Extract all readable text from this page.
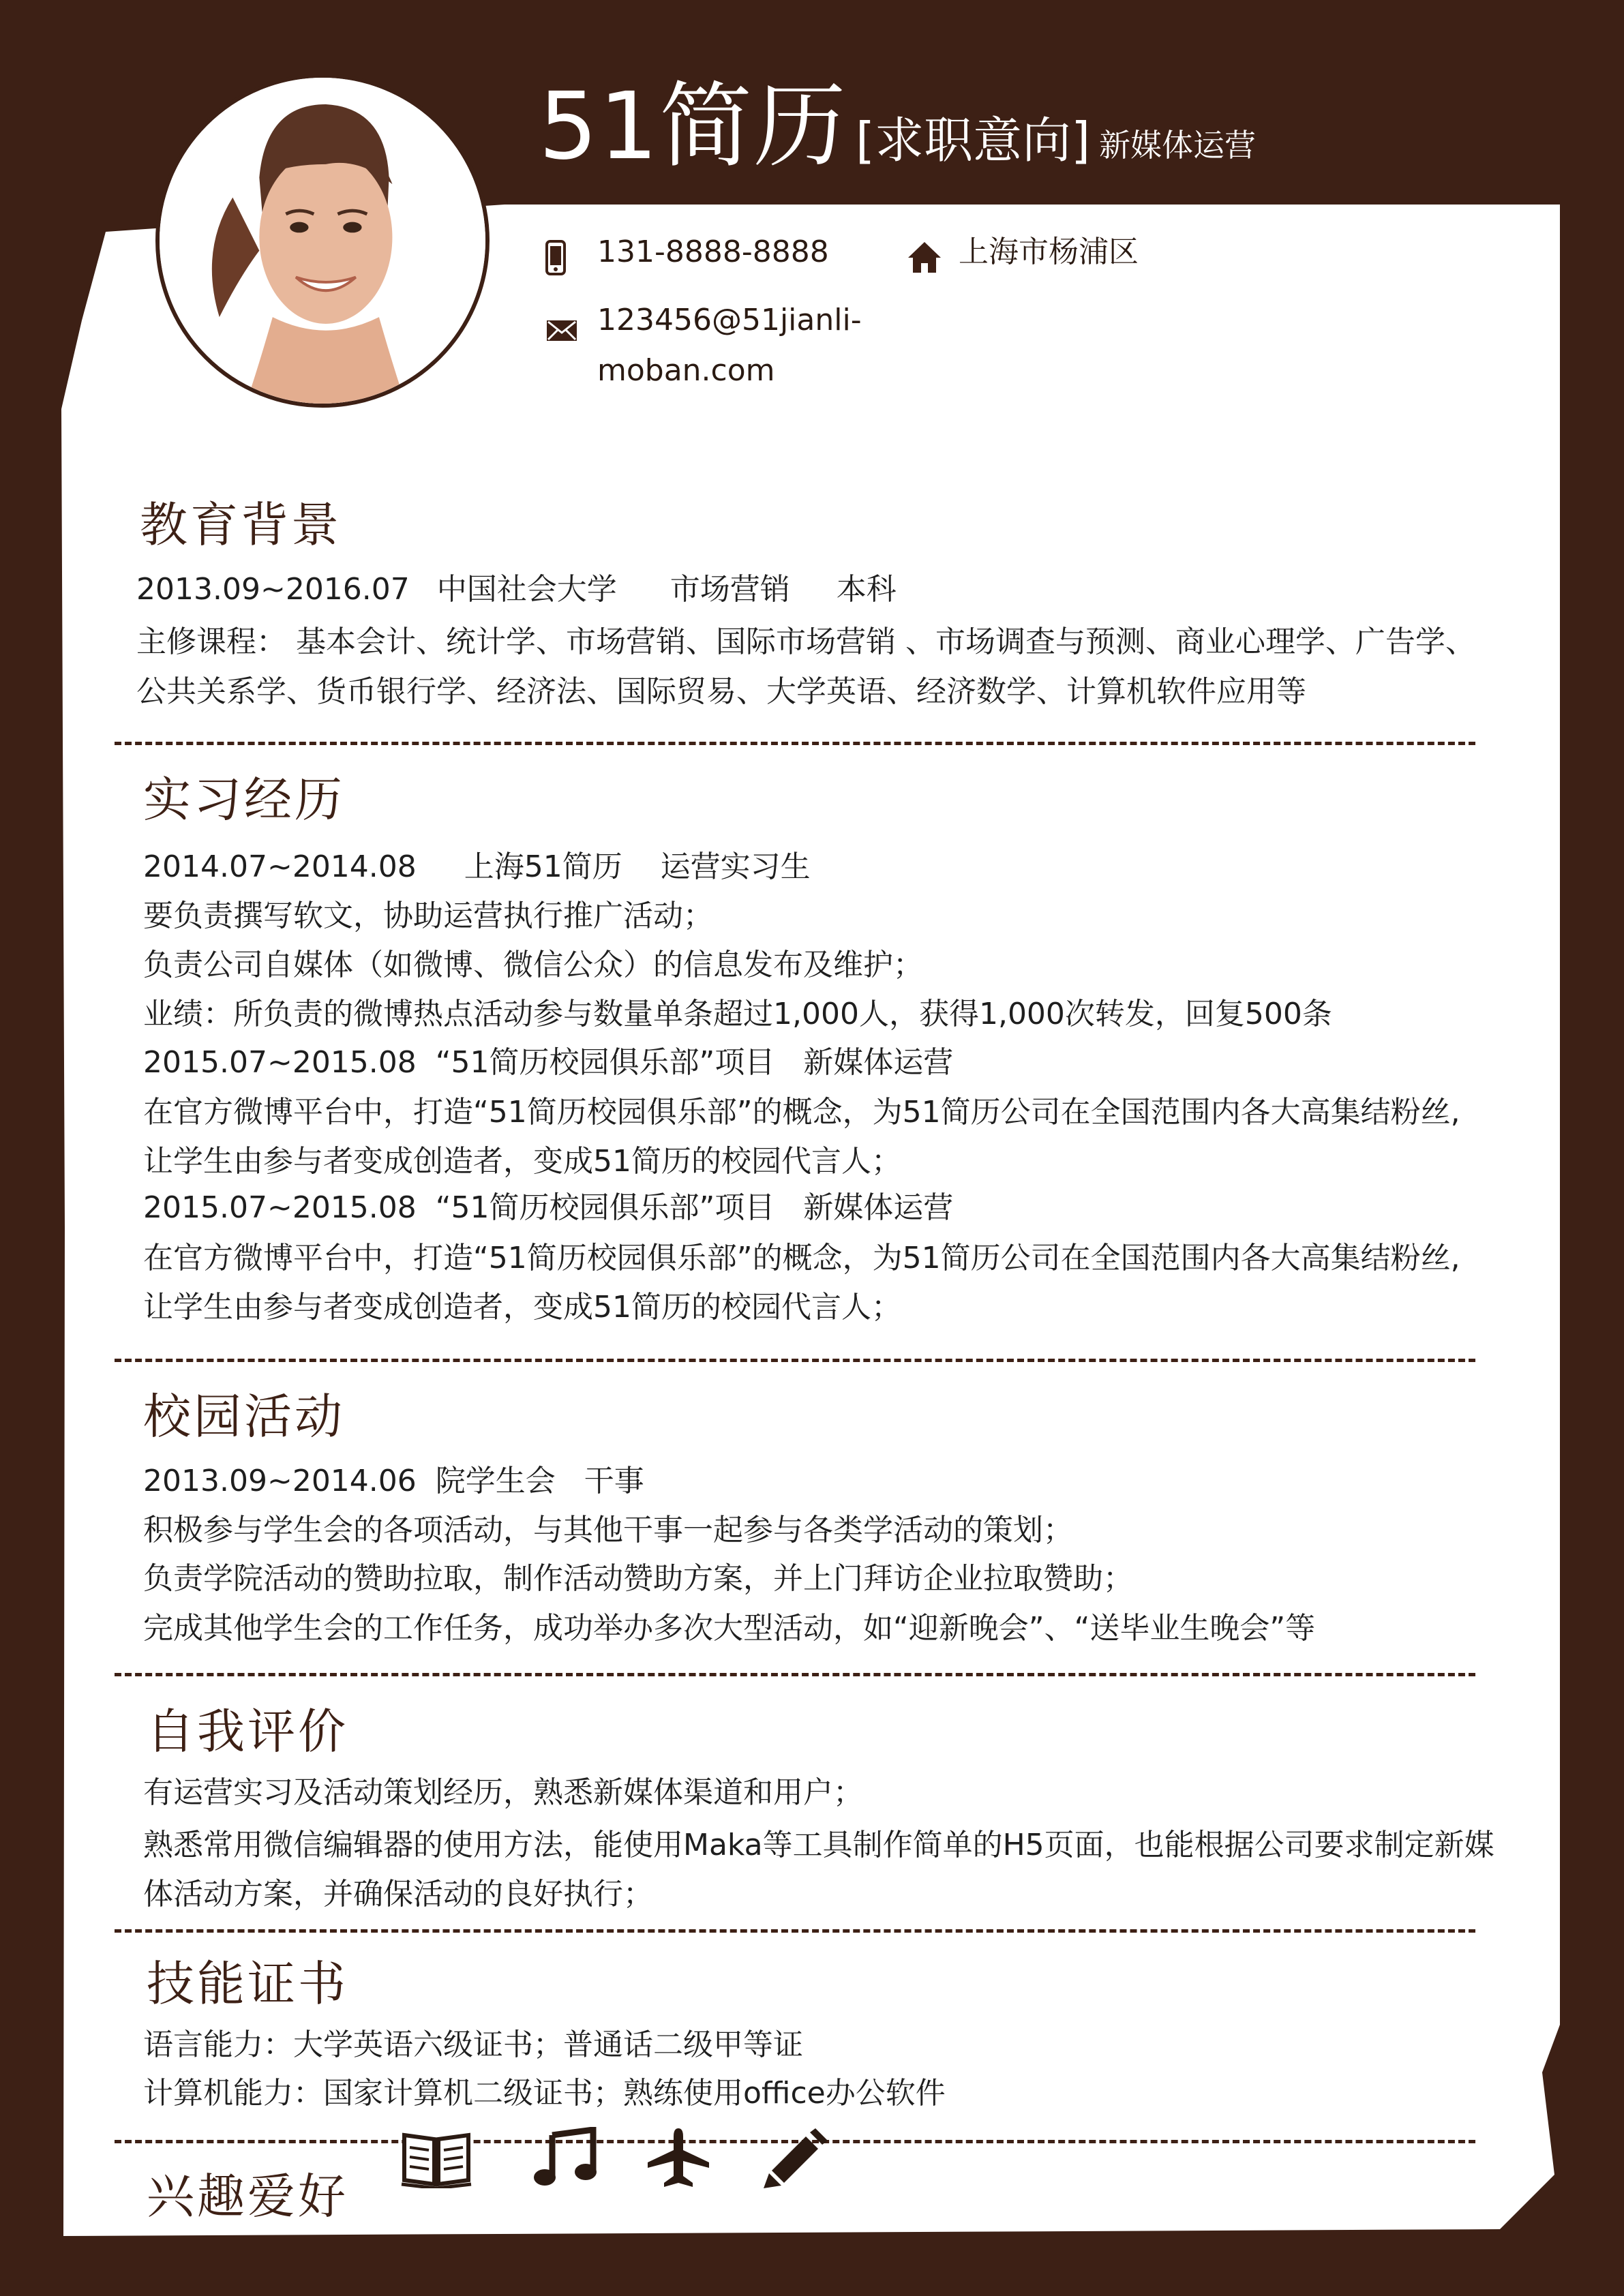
51简历 [求职意向] 新媒体运营
131-8888-8888	上海市杨浦区
123456@51jianli-
moban.com
教育背景
2013.09~2016.07 中国社会大学 市场营销 本科
主修课程： 基本会计、统计学、市场营销、国际市场营销 、市场调查与预测、商业心理学、广告学、
公共关系学、货币银行学、经济法、国际贸易、大学英语、经济数学、计算机软件应用等
实习经历
2014.07~2014.08     上海51简历    运营实习生
要负责撰写软文，协助运营执行推广活动；
负责公司自媒体（如微博、微信公众）的信息发布及维护；
业绩：所负责的微博热点活动参与数量单条超过1,000人，获得1,000次转发，回复500条
2015.07~2015.08  “51简历校园俱乐部”项目   新媒体运营
在官方微博平台中，打造“51简历校园俱乐部”的概念，为51简历公司在全国范围内各大高集结粉丝,
让学生由参与者变成创造者，变成51简历的校园代言人；
2015.07~2015.08  “51简历校园俱乐部”项目   新媒体运营
在官方微博平台中，打造“51简历校园俱乐部”的概念，为51简历公司在全国范围内各大高集结粉丝,
让学生由参与者变成创造者，变成51简历的校园代言人；
校园活动
2013.09~2014.06  院学生会   干事
积极参与学生会的各项活动，与其他干事一起参与各类学活动的策划；
负责学院活动的赞助拉取，制作活动赞助方案，并上门拜访企业拉取赞助；
完成其他学生会的工作任务，成功举办多次大型活动，如“迎新晚会”、“送毕业生晚会”等
自我评价
有运营实习及活动策划经历，熟悉新媒体渠道和用户；
熟悉常用微信编辑器的使用方法，能使用Maka等工具制作简单的H5页面，也能根据公司要求制定新媒
体活动方案，并确保活动的良好执行；
技能证书
语言能力：大学英语六级证书；普通话二级甲等证
计算机能力：国家计算机二级证书；熟练使用office办公软件
兴趣爱好
